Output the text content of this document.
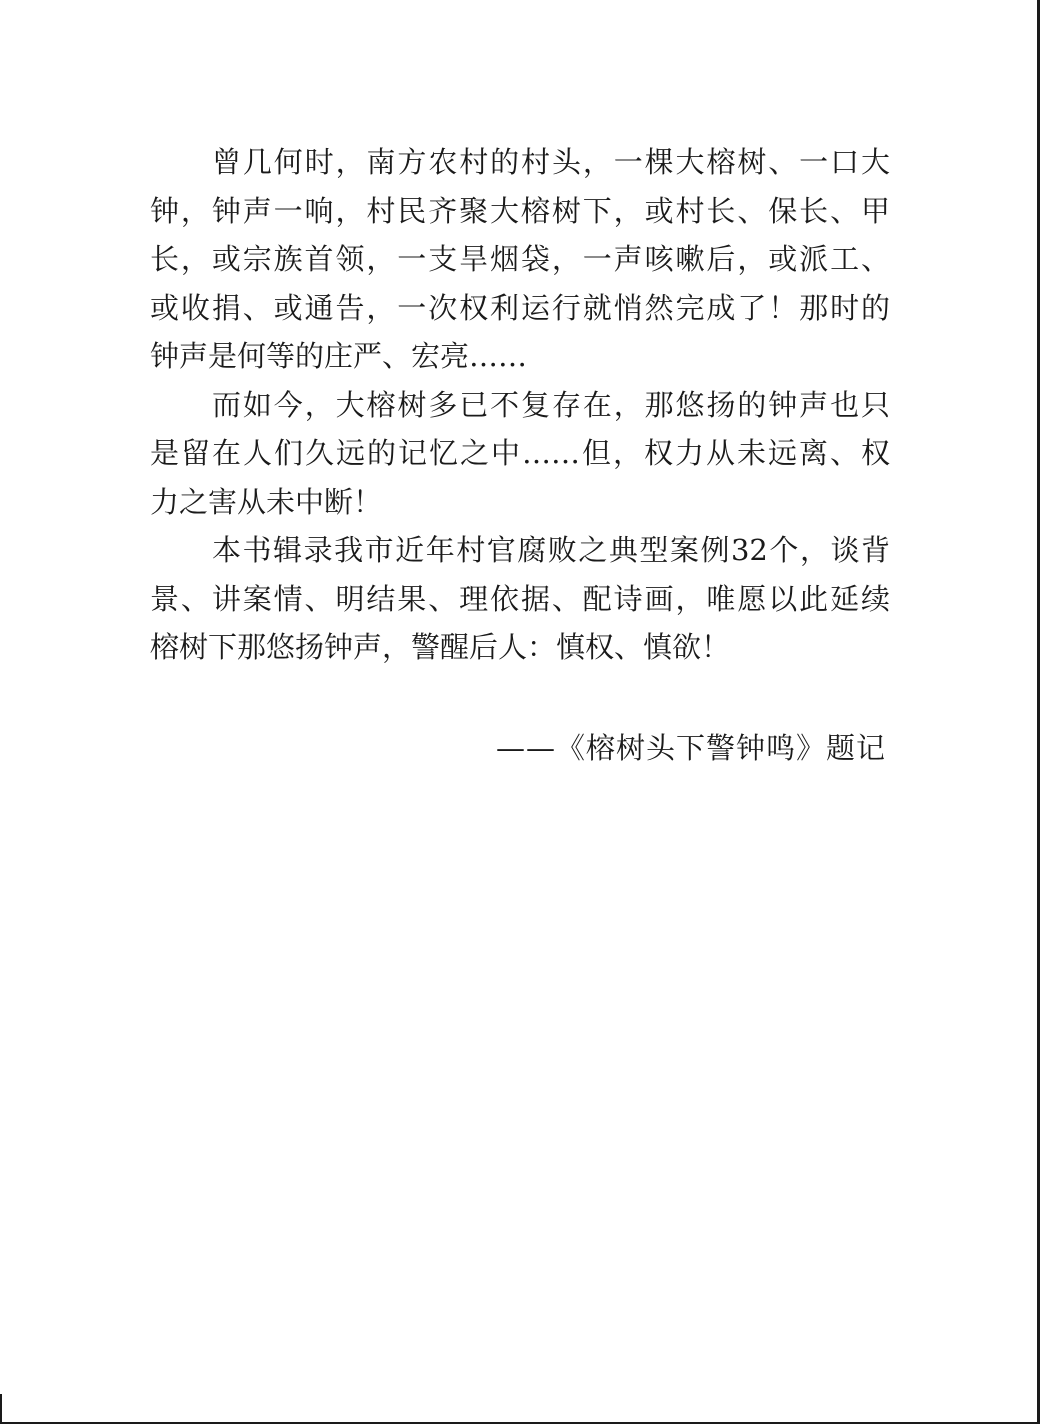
曾几何时，南方农村的村头，一棵大榕树、一口大
钟，钟声一响，村民齐聚大榕树下，或村长、保长、甲
长，或宗族首领，一支旱烟袋，一声咳嗽后，或派工、
或收捐、或通告，一次权利运行就悄然完成了！那时的
钟声是何等的庄严、宏亮……

而如今，大榕树多已不复存在，那悠扬的钟声也只
是留在人们久远的记忆之中……但，权力从未远离、权
力之害从未中断！

本书辑录我市近年村官腐败之典型案例32个，谈背
景、讲案情、明结果、理依据、配诗画，唯愿以此延续
榕树下那悠扬钟声，警醒后人：慎权、慎欲！

——《榕树头下警钟鸣》题记
